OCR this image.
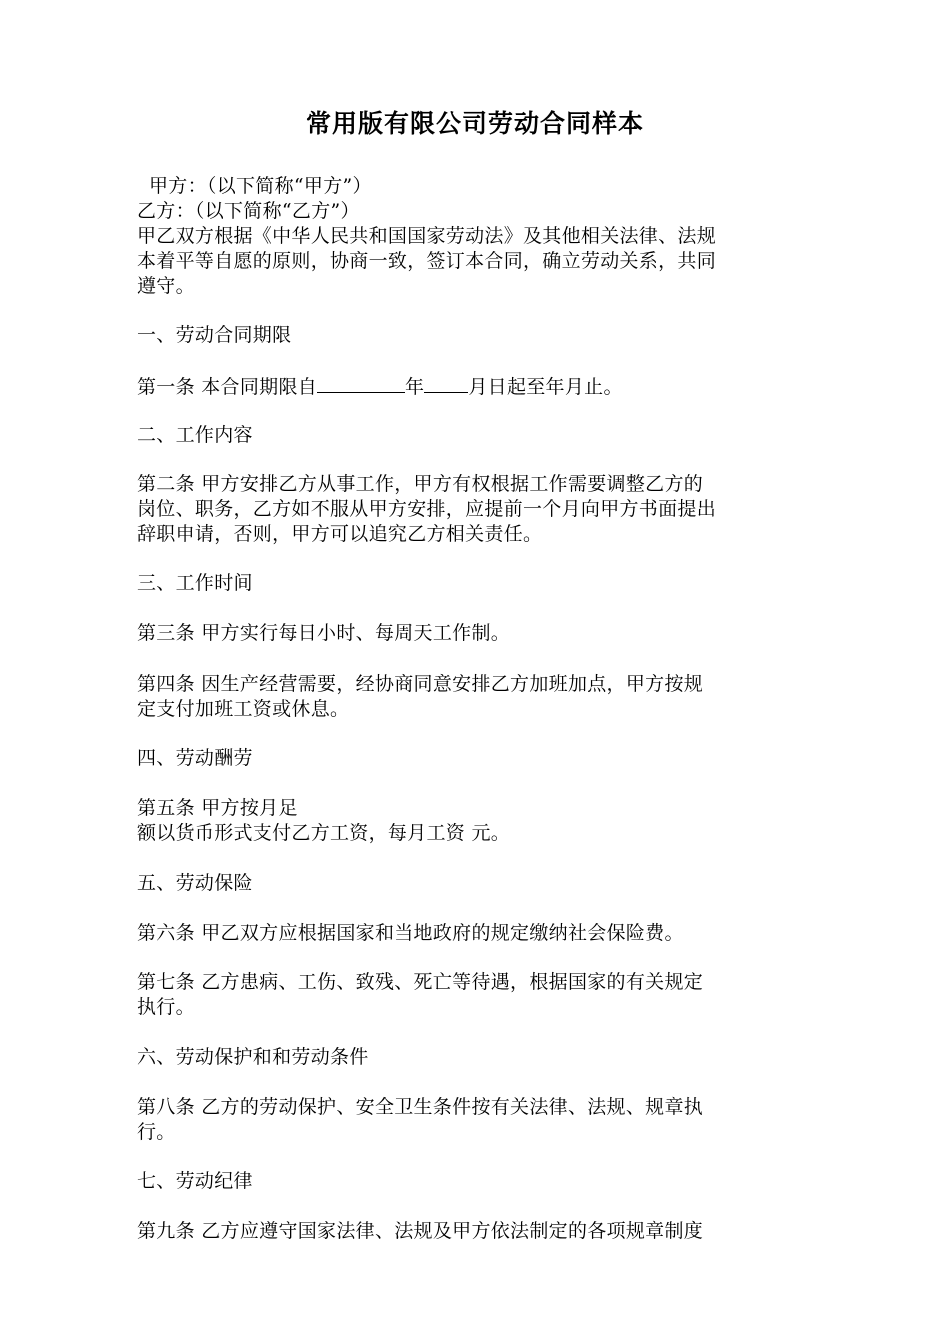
常用版有限公司劳动合同样本
甲方：（以下简称“甲方”）
乙方：（以下简称“乙方”）
甲乙双方根据《中华人民共和国国家劳动法》及其他相关法律、法规
本着平等自愿的原则，协商一致，签订本合同，确立劳动关系，共同
遵守。
一、劳动合同期限
第一条 本合同期限自	年 月日起至年月止。
二、工作内容
第二条 甲方安排乙方从事工作，甲方有权根据工作需要调整乙方的
岗位、职务，乙方如不服从甲方安排，应提前一个月向甲方书面提出
辞职申请，否则，甲方可以追究乙方相关责任。
三、工作时间
第三条 甲方实行每日小时、每周天工作制。
第四条 因生产经营需要，经协商同意安排乙方加班加点，甲方按规
定支付加班工资或休息。
四、劳动酬劳
第五条 甲方按月足
额以货币形式支付乙方工资，每月工资 元。
五、劳动保险
第六条 甲乙双方应根据国家和当地政府的规定缴纳社会保险费。
第七条 乙方患病、工伤、致残、死亡等待遇，根据国家的有关规定
执行。
六、劳动保护和和劳动条件
第八条 乙方的劳动保护、安全卫生条件按有关法律、法规、规章执
行。
七、劳动纪律
第九条 乙方应遵守国家法律、法规及甲方依法制定的各项规章制度
